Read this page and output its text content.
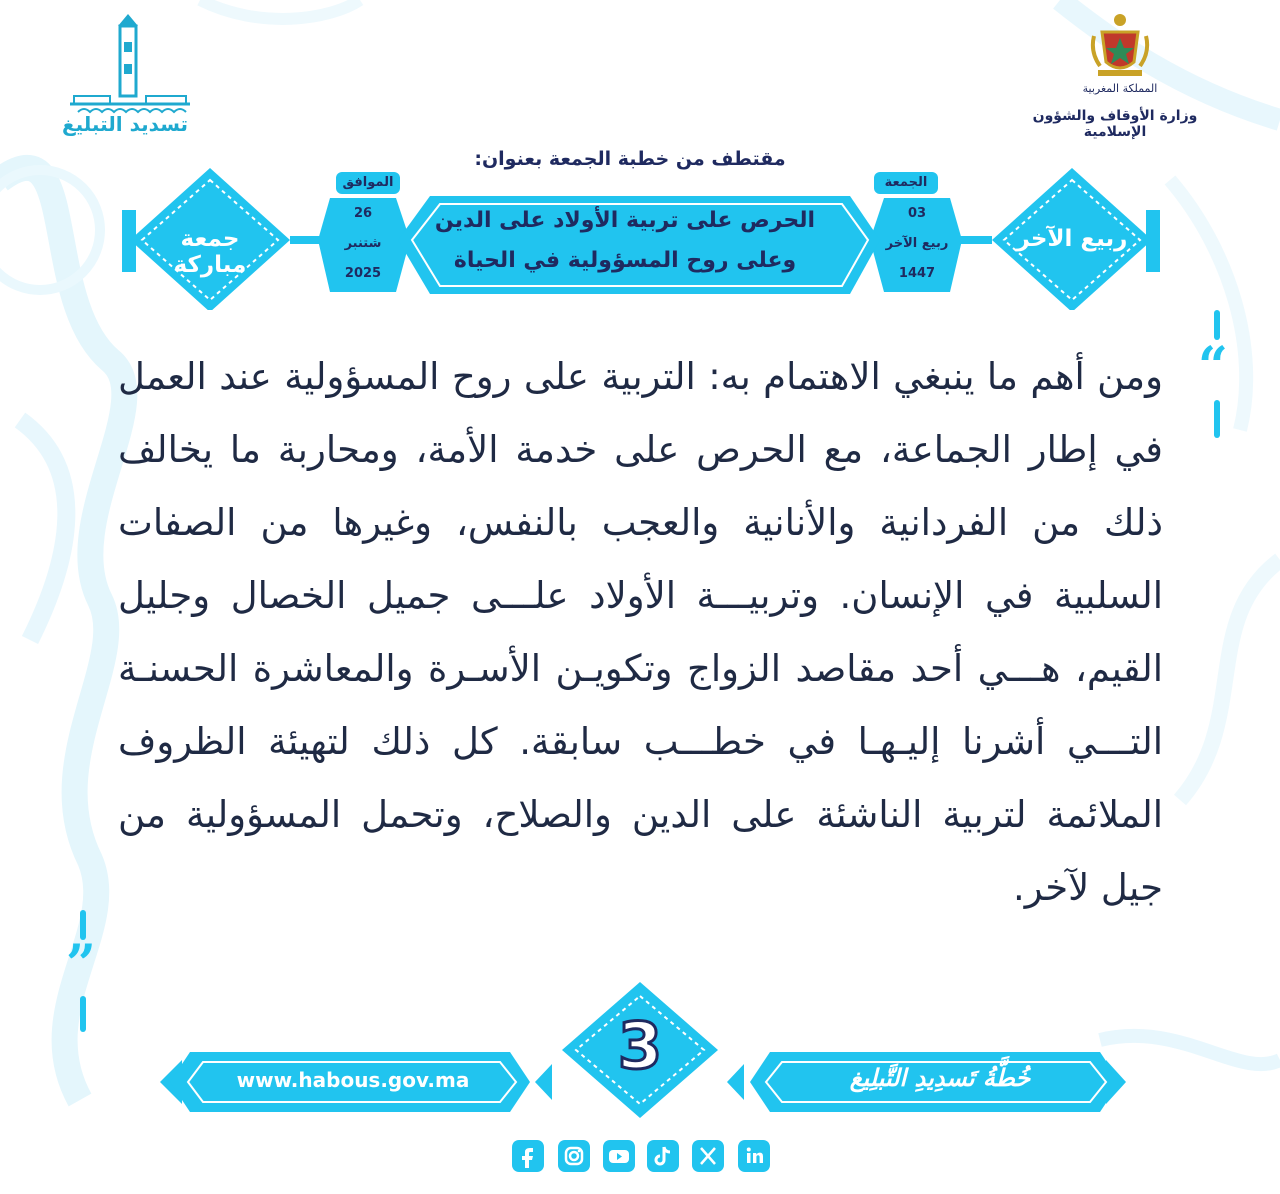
تسديد التبليغ
المملكة المغربية
وزارة الأوقاف والشؤون الإسلامية
مقتطف من خطبة الجمعة بعنوان:
ربيع الآخر
جمعة مباركة
الجمعة
03
ربيع الآخر
1447
الموافق
26
شتنبر
2025
الحرص على تربية الأولاد على الدين
وعلى روح المسؤولية في الحياة
“
”
ومن أهم ما ينبغي الاهتمام به: التربية على روح المسؤولية عند العمل في إطار الجماعة، مع الحرص على خدمة الأمة، ومحاربة ما يخالف ذلك من الفردانية والأنانية والعجب بالنفس، وغيرها من الصفات السلبية في الإنسان. وتربيـــة الأولاد علـــى جميل الخصال وجليل القيم، هـــي أحد مقاصد الزواج وتكويـن الأسـرة والمعاشرة الحسنـة التـــي أشرنا إليـهـا في خطـــب سابقة. كل ذلك لتهيئة الظروف الملائمة لتربية الناشئة على الدين والصلاح، وتحمل المسؤولية من جيل لآخر.
www.habous.gov.ma	3	خُطَّةُ تَسدِيدِ التَّبلِيغ
